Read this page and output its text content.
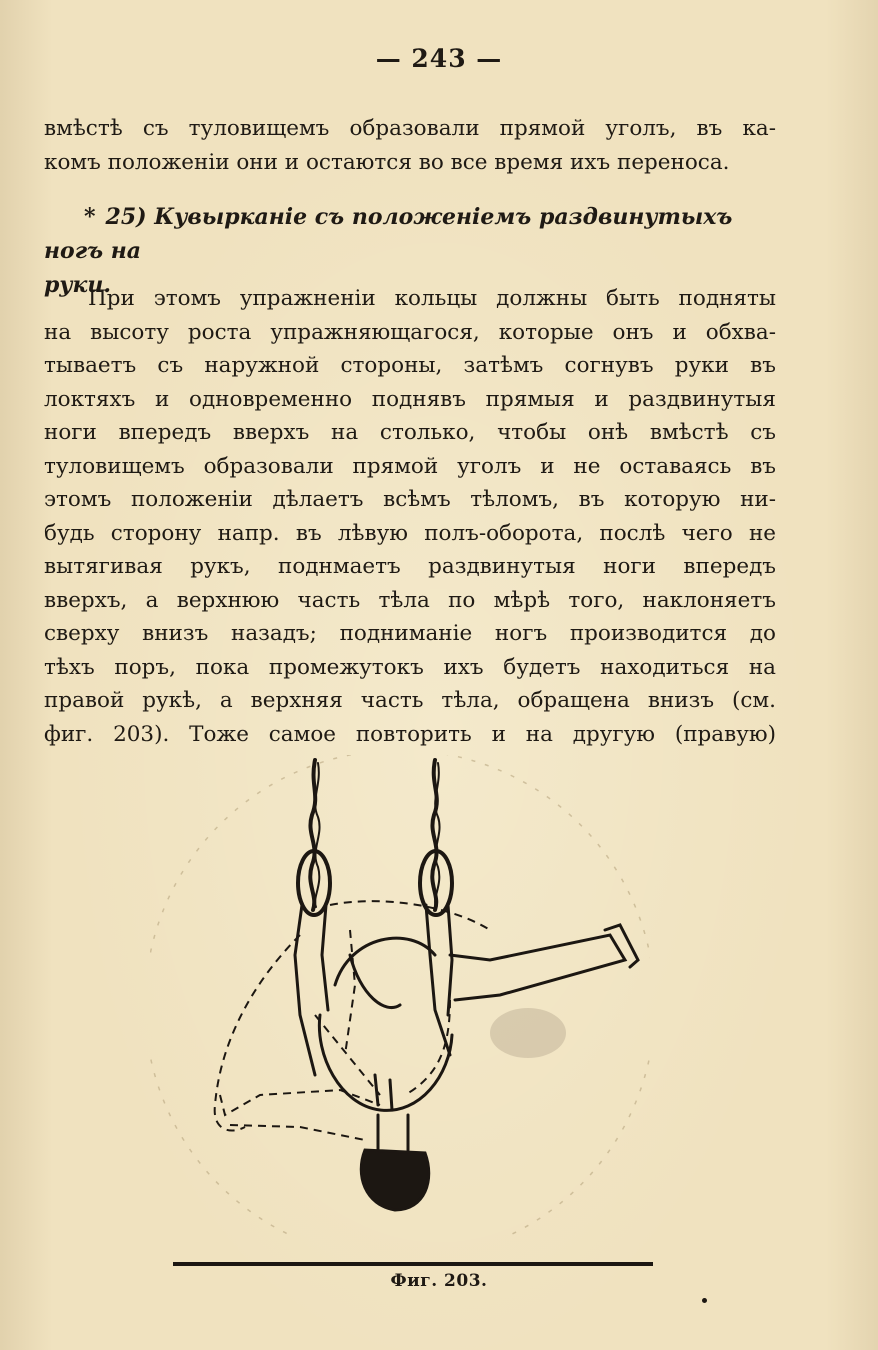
— 243 —
вмѣстѣ съ туловищемъ образовали прямой уголъ, въ ка-
комъ положеніи они и остаются во все время ихъ переноса.
* 25) Кувырканіе съ положеніемъ раздвинутыхъ ногъ на
руки.
При этомъ упражненіи кольцы должны быть подняты
на высоту роста упражняющагося, которые онъ и обхва-
тываетъ съ наружной стороны, затѣмъ согнувъ руки въ
локтяхъ и одновременно поднявъ прямыя и раздвинутыя
ноги впередъ вверхъ на столько, чтобы онѣ вмѣстѣ съ
туловищемъ образовали прямой уголъ и не оставаясь въ
этомъ положеніи дѣлаетъ всѣмъ тѣломъ, въ которую ни-
будь сторону напр. въ лѣвую полъ-оборота, послѣ чего не
вытягивая рукъ, поднмаетъ раздвинутыя ноги впередъ
вверхъ, а верхнюю часть тѣла по мѣрѣ того, наклоняетъ
сверху внизъ назадъ; подниманіе ногъ производится до
тѣхъ поръ, пока промежутокъ ихъ будетъ находиться на
правой рукѣ, а верхняя часть тѣла, обращена внизъ (см.
фиг. 203). Тоже самое повторить и на другую (правую)
Фиг. 203.
